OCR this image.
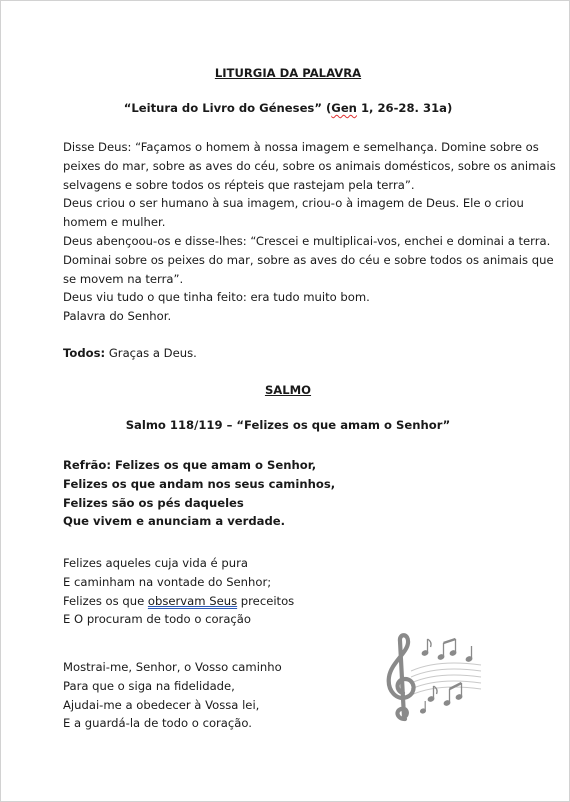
LITURGIA DA PALAVRA
“Leitura do Livro do Géneses” (Gen 1, 26-28. 31a)
Disse Deus: “Façamos o homem à nossa imagem e semelhança. Domine sobre os
peixes do mar, sobre as aves do céu, sobre os animais domésticos, sobre os animais
selvagens e sobre todos os répteis que rastejam pela terra”.
Deus criou o ser humano à sua imagem, criou-o à imagem de Deus. Ele o criou
homem e mulher.
Deus abençoou-os e disse-lhes: “Crescei e multiplicai-vos, enchei e dominai a terra.
Dominai sobre os peixes do mar, sobre as aves do céu e sobre todos os animais que
se movem na terra”.
Deus viu tudo o que tinha feito: era tudo muito bom.
Palavra do Senhor.
Todos: Graças a Deus.
SALMO
Salmo 118/119 – “Felizes os que amam o Senhor”
Refrão: Felizes os que amam o Senhor,
Felizes os que andam nos seus caminhos,
Felizes são os pés daqueles
Que vivem e anunciam a verdade.
Felizes aqueles cuja vida é pura
E caminham na vontade do Senhor;
Felizes os que observam Seus preceitos
E O procuram de todo o coração
Mostrai-me, Senhor, o Vosso caminho
Para que o siga na fidelidade,
Ajudai-me a obedecer à Vossa lei,
E a guardá-la de todo o coração.
